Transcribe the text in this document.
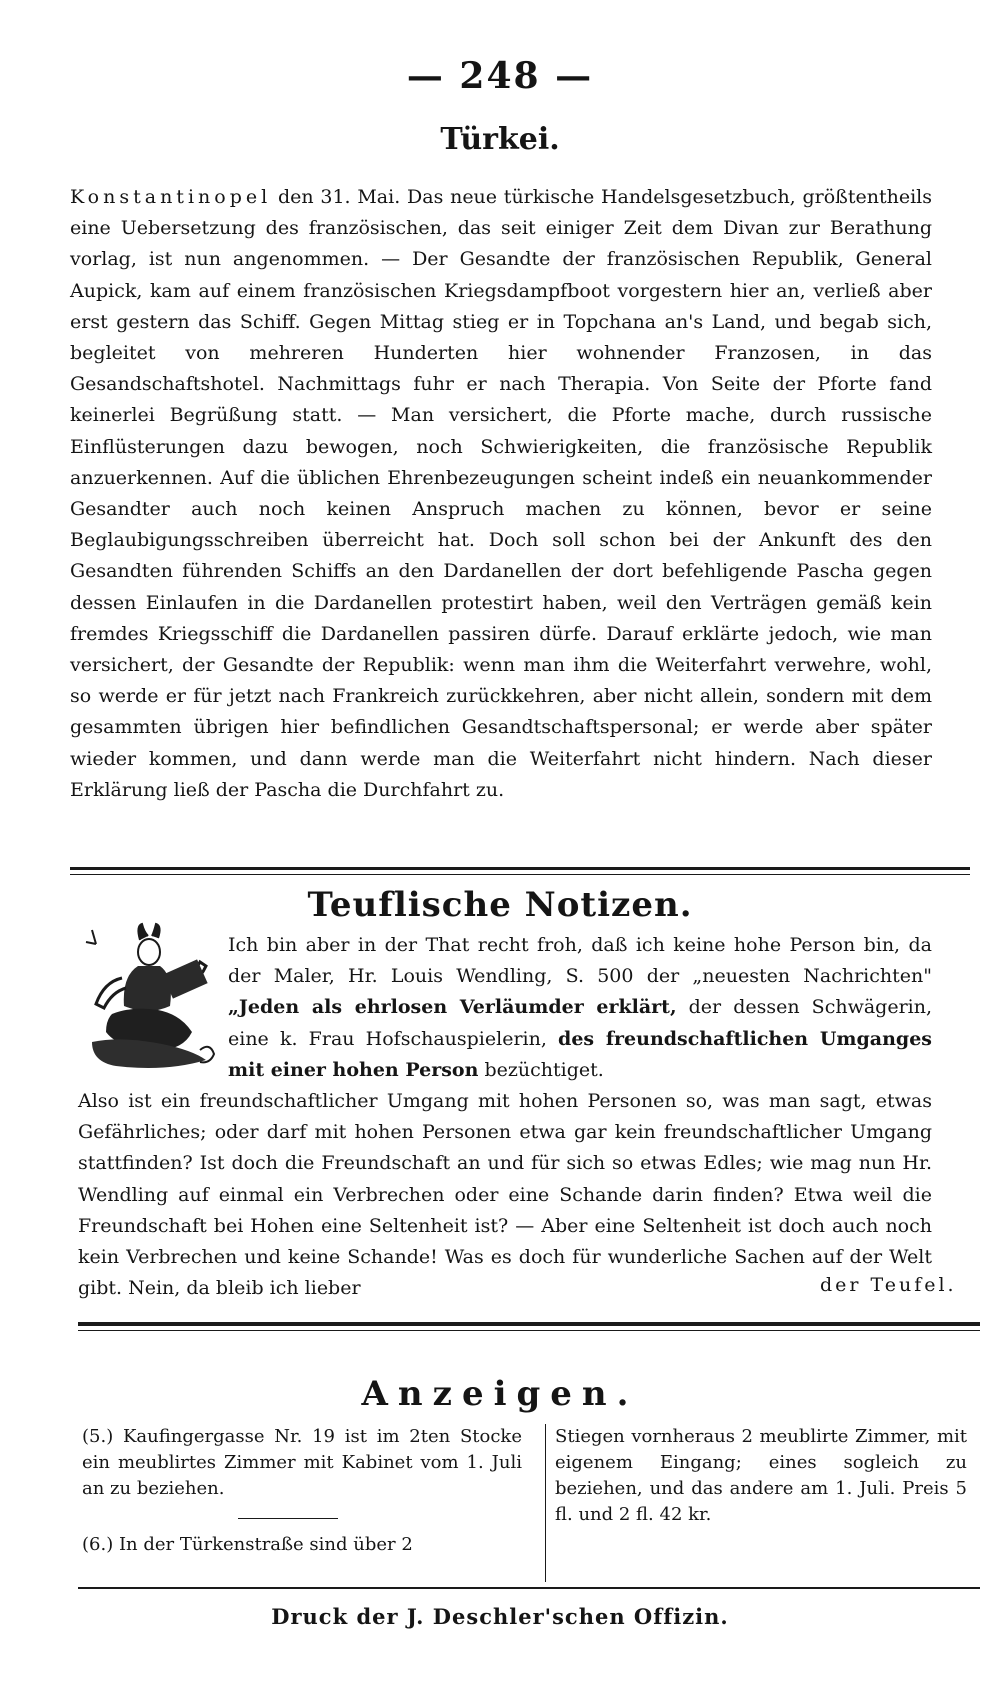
— 248 —
Türkei.

Konstantinopel den 31. Mai. Das neue türkische Handelsgesetzbuch, größtentheils eine Uebersetzung des französischen, das seit einiger Zeit dem Divan zur Berathung vorlag, ist nun angenommen. — Der Gesandte der französischen Republik, General Aupick, kam auf einem französischen Kriegsdampfboot vorgestern hier an, verließ aber erst gestern das Schiff. Gegen Mittag stieg er in Topchana an's Land, und begab sich, begleitet von mehreren Hunderten hier wohnender Franzosen, in das Gesandschaftshotel. Nachmittags fuhr er nach Therapia. Von Seite der Pforte fand keinerlei Begrüßung statt. — Man versichert, die Pforte mache, durch russische Einflüsterungen dazu bewogen, noch Schwierigkeiten, die französische Republik anzuerkennen. Auf die üblichen Ehrenbezeugungen scheint indeß ein neuankommender Gesandter auch noch keinen Anspruch machen zu können, bevor er seine Beglaubigungsschreiben überreicht hat. Doch soll schon bei der Ankunft des den Gesandten führenden Schiffs an den Dardanellen der dort befehligende Pascha gegen dessen Einlaufen in die Dardanellen protestirt haben, weil den Verträgen gemäß kein fremdes Kriegsschiff die Dardanellen passiren dürfe. Darauf erklärte jedoch, wie man versichert, der Gesandte der Republik: wenn man ihm die Weiterfahrt verwehre, wohl, so werde er für jetzt nach Frankreich zurückkehren, aber nicht allein, sondern mit dem gesammten übrigen hier befindlichen Gesandtschaftspersonal; er werde aber später wieder kommen, und dann werde man die Weiterfahrt nicht hindern. Nach dieser Erklärung ließ der Pascha die Durchfahrt zu.

Teuflische Notizen.

Ich bin aber in der That recht froh, daß ich keine hohe Person bin, da der Maler, Hr. Louis Wendling, S. 500 der „neuesten Nachrichten" „Jeden als ehrlosen Verläumder erklärt, der dessen Schwägerin, eine k. Frau Hofschauspielerin, des freundschaftlichen Umganges mit einer hohen Person bezüchtiget.

Also ist ein freundschaftlicher Umgang mit hohen Personen so, was man sagt, etwas Gefährliches; oder darf mit hohen Personen etwa gar kein freundschaftlicher Umgang stattfinden? Ist doch die Freundschaft an und für sich so etwas Edles; wie mag nun Hr. Wendling auf einmal ein Verbrechen oder eine Schande darin finden? Etwa weil die Freundschaft bei Hohen eine Seltenheit ist? — Aber eine Seltenheit ist doch auch noch kein Verbrechen und keine Schande! Was es doch für wunderliche Sachen auf der Welt gibt. Nein, da bleib ich lieber	der Teufel.
Anzeigen.

(5.) Kaufingergasse Nr. 19 ist im 2ten Stocke ein meublirtes Zimmer mit Kabinet vom 1. Juli an zu beziehen.

(6.) In der Türkenstraße sind über 2

Stiegen vornheraus 2 meublirte Zimmer, mit eigenem Eingang; eines sogleich zu beziehen, und das andere am 1. Juli. Preis 5 fl. und 2 fl. 42 kr.

Druck der J. Deschler'schen Offizin.
